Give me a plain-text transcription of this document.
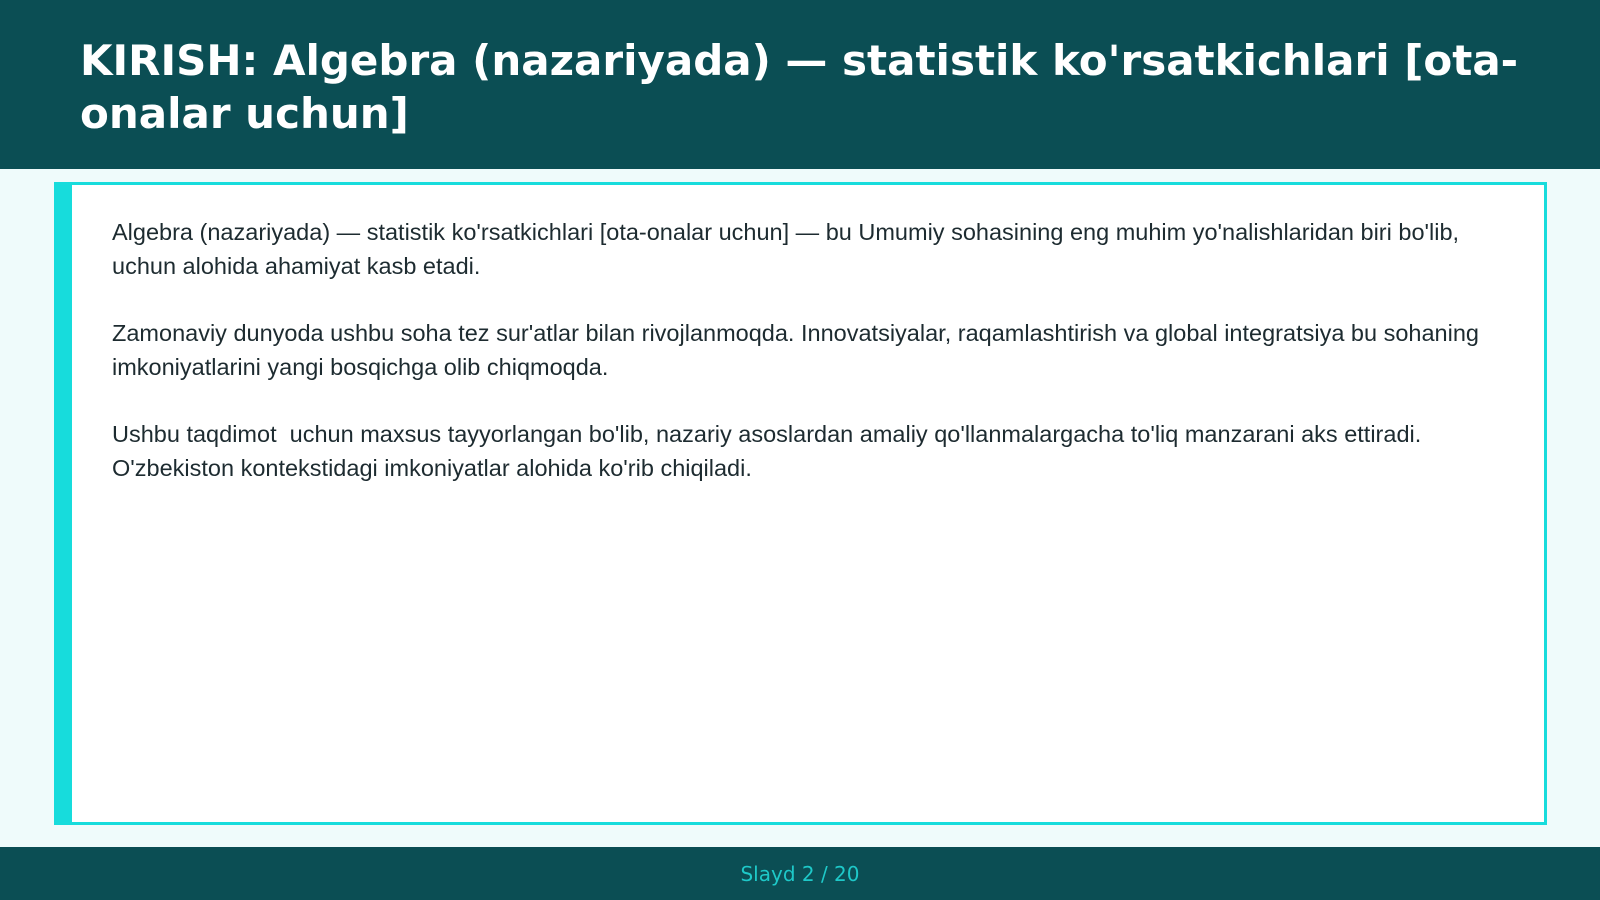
KIRISH: Algebra (nazariyada) — statistik ko'rsatkichlari [ota-onalar uchun]

Algebra (nazariyada) — statistik ko'rsatkichlari [ota-onalar uchun] — bu Umumiy sohasining eng muhim yo'nalishlaridan biri bo'lib,  uchun alohida ahamiyat kasb etadi.

Zamonaviy dunyoda ushbu soha tez sur'atlar bilan rivojlanmoqda. Innovatsiyalar, raqamlashtirish va global integratsiya bu sohaning imkoniyatlarini yangi bosqichga olib chiqmoqda.

Ushbu taqdimot  uchun maxsus tayyorlangan bo'lib, nazariy asoslardan amaliy qo'llanmalargacha to'liq manzarani aks ettiradi. O'zbekiston kontekstidagi imkoniyatlar alohida ko'rib chiqiladi.

Slayd 2 / 20
